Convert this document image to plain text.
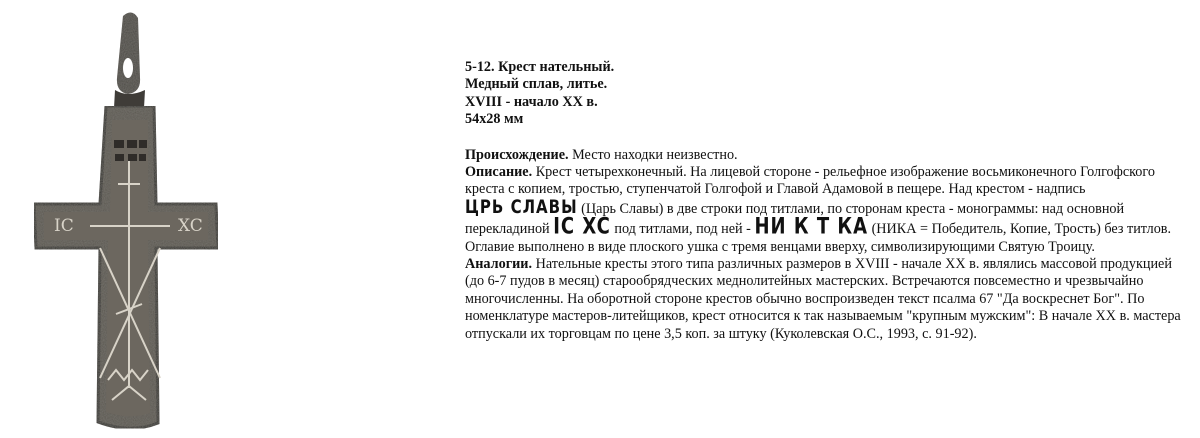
IC	XC
5-12. Крест нательный.
Медный сплав, литье.
XVIII - начало XX в.
54x28 мм

Происхождение. Место находки неизвестно.

Описание. Крест четырехконечный. На лицевой стороне - рельефное изображение восьмиконечного Голгофского креста с копием, тростью, ступенчатой Голгофой и Главой Адамовой в пещере. Над крестом - надпись ЦРЬ СЛАВЫ (Царь Славы) в две строки под титлами, по сторонам креста - монограммы: над основной перекладиной IC XC под титлами, под ней - НИ К Т КА (НИКА = Победитель, Копие, Трость) без титлов. Оглавие выполнено в виде плоского ушка с тремя венцами вверху, символизирующими Святую Троицу.

Аналогии. Нательные кресты этого типа различных размеров в XVIII - начале XX в. являлись массовой продукцией (до 6-7 пудов в месяц) старообрядческих меднолитейных мастерских. Встречаются повсеместно и чрезвычайно многочисленны. На оборотной стороне крестов обычно воспроизведен текст псалма 67 "Да воскреснет Бог". По номенклатуре мастеров-литейщиков, крест относится к так называемым "крупным мужским": В начале XX в. мастера отпускали их торговцам по цене 3,5 коп. за штуку (Куколевская О.С., 1993, с. 91-92).
